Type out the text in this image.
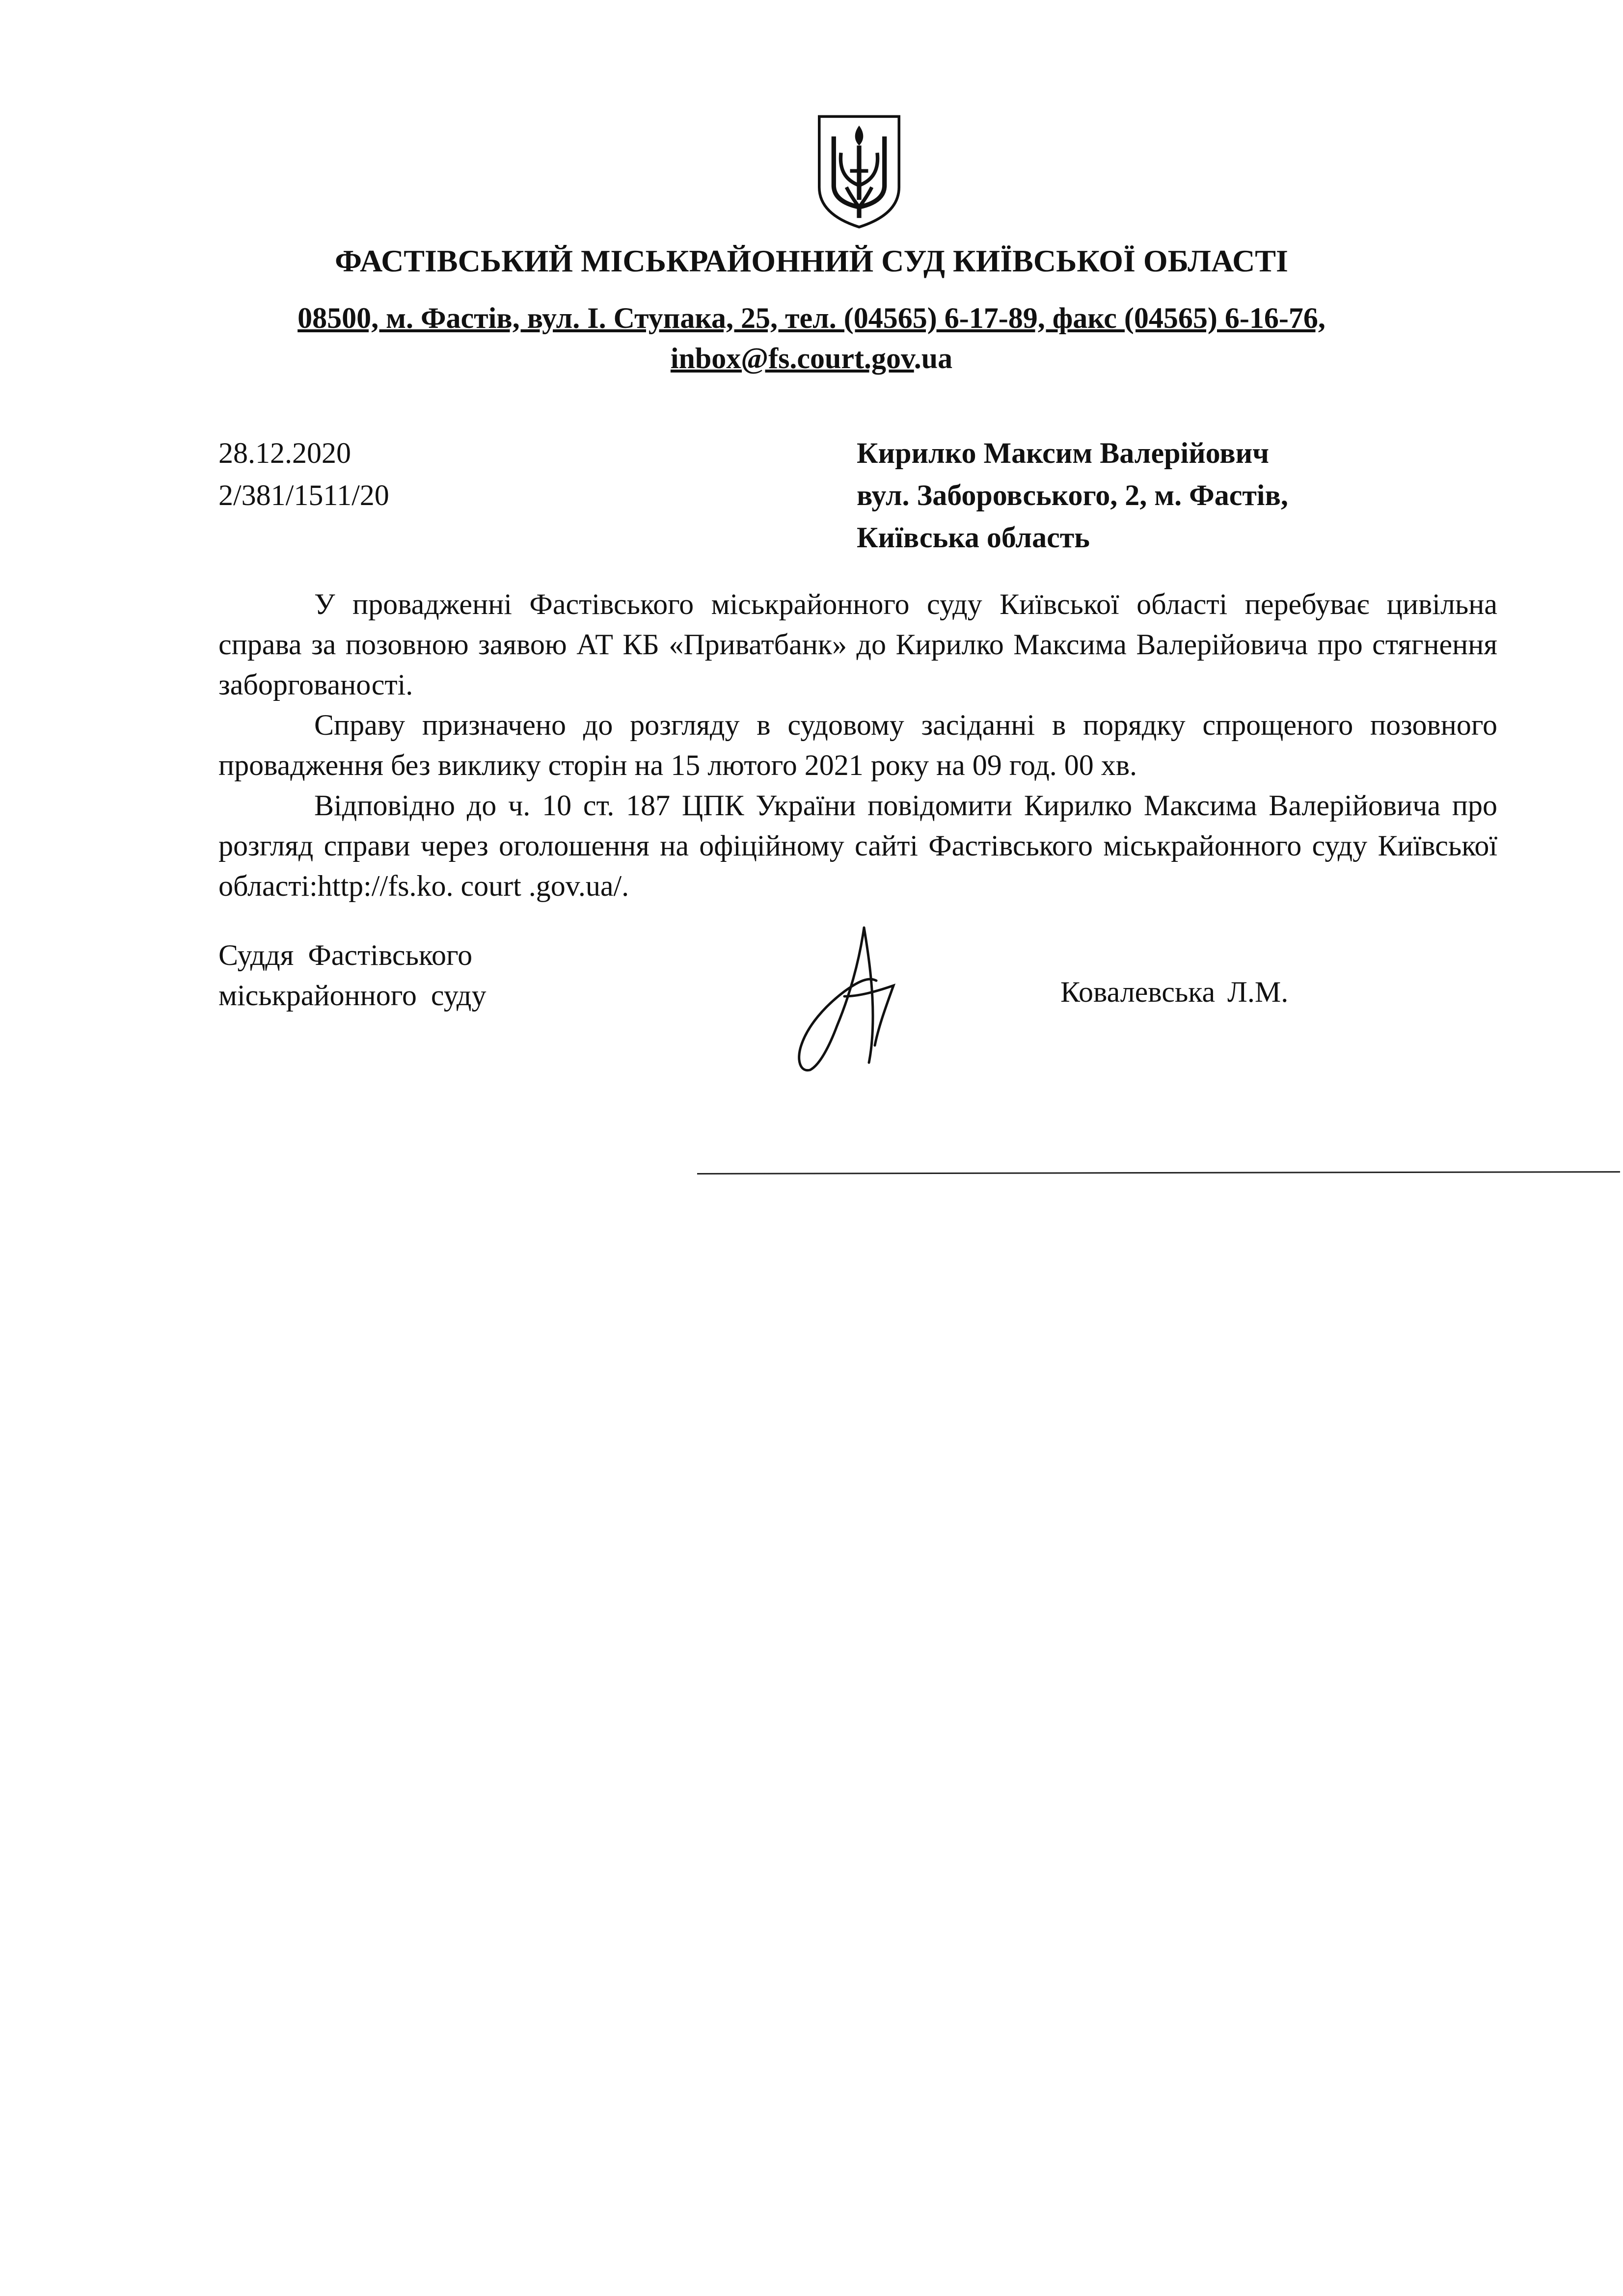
ФАСТІВСЬКИЙ МІСЬКРАЙОННИЙ СУД КИЇВСЬКОЇ ОБЛАСТІ
08500, м. Фастів, вул. І. Ступака, 25, тел. (04565) 6-17-89, факс (04565) 6-16-76,
inbox@fs.court.gov.ua
28.12.2020
2/381/1511/20
Кирилко Максим Валерійович
вул. Заборовського, 2, м. Фастів,
Київська область

У провадженні Фастівського міськрайонного суду Київської області перебуває цивільна справа за позовною заявою АТ КБ «Приватбанк» до Кирилко Максима Валерійовича про стягнення заборгованості.

Справу призначено до розгляду в судовому засіданні в порядку спрощеного позовного провадження без виклику сторін на 15 лютого 2021 року на 09 год. 00 хв.

Відповідно до ч. 10 ст. 187 ЦПК України повідомити Кирилко Максима Валерійовича про розгляд справи через оголошення на офіційному сайті Фастівського міськрайонного суду Київської області:http://fs.ko. court .gov.ua/.

Суддя Фастівського
міськрайонного суду	Ковалевська Л.М.
